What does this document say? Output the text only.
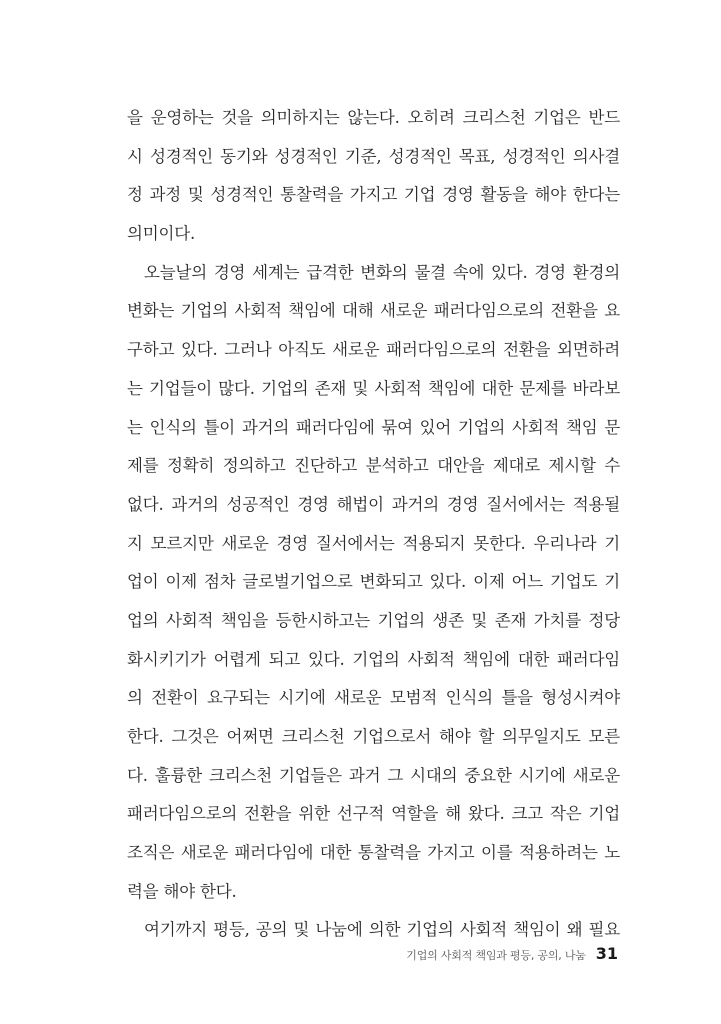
을 운영하는 것을 의미하지는 않는다. 오히려 크리스천 기업은 반드
시 성경적인 동기와 성경적인 기준, 성경적인 목표, 성경적인 의사결
정 과정 및 성경적인 통찰력을 가지고 기업 경영 활동을 해야 한다는
의미이다.
오늘날의 경영 세계는 급격한 변화의 물결 속에 있다. 경영 환경의
변화는 기업의 사회적 책임에 대해 새로운 패러다임으로의 전환을 요
구하고 있다. 그러나 아직도 새로운 패러다임으로의 전환을 외면하려
는 기업들이 많다. 기업의 존재 및 사회적 책임에 대한 문제를 바라보
는 인식의 틀이 과거의 패러다임에 묶여 있어 기업의 사회적 책임 문
제를 정확히 정의하고 진단하고 분석하고 대안을 제대로 제시할 수
없다. 과거의 성공적인 경영 해법이 과거의 경영 질서에서는 적용될
지 모르지만 새로운 경영 질서에서는 적용되지 못한다. 우리나라 기
업이 이제 점차 글로벌기업으로 변화되고 있다. 이제 어느 기업도 기
업의 사회적 책임을 등한시하고는 기업의 생존 및 존재 가치를 정당
화시키기가 어렵게 되고 있다. 기업의 사회적 책임에 대한 패러다임
의 전환이 요구되는 시기에 새로운 모범적 인식의 틀을 형성시켜야
한다. 그것은 어쩌면 크리스천 기업으로서 해야 할 의무일지도 모른
다. 훌륭한 크리스천 기업들은 과거 그 시대의 중요한 시기에 새로운
패러다임으로의 전환을 위한 선구적 역할을 해 왔다. 크고 작은 기업
조직은 새로운 패러다임에 대한 통찰력을 가지고 이를 적용하려는 노
력을 해야 한다.
여기까지 평등, 공의 및 나눔에 의한 기업의 사회적 책임이 왜 필요
기업의 사회적 책임과 평등, 공의, 나눔 31
